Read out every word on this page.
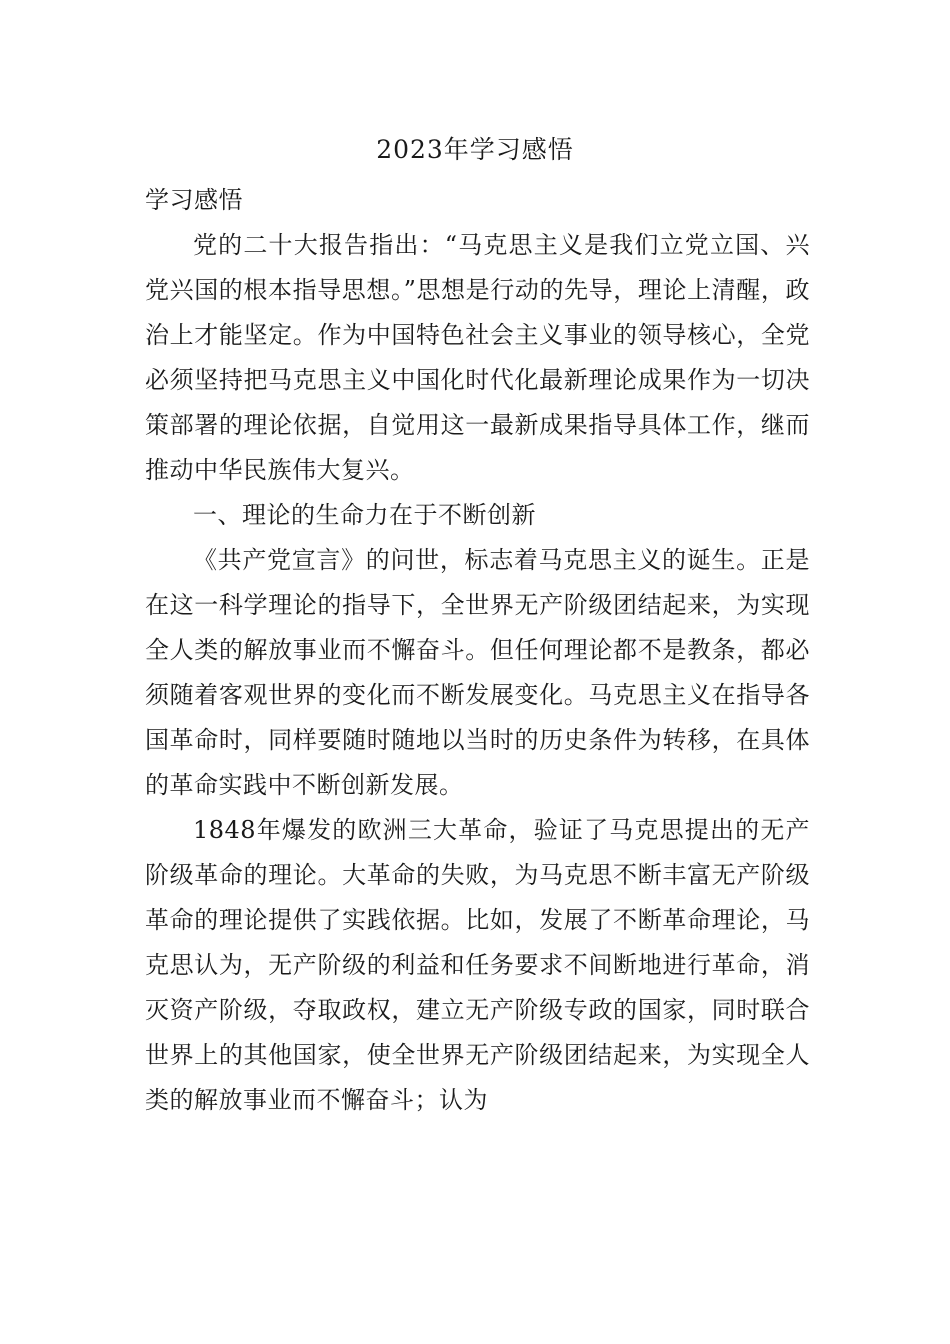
2023年学习感悟

学习感悟

党的二十大报告指出：“马克思主义是我们立党立国、兴党兴国的根本指导思想。”思想是行动的先导，理论上清醒，政治上才能坚定。作为中国特色社会主义事业的领导核心，全党必须坚持把马克思主义中国化时代化最新理论成果作为一切决策部署的理论依据，自觉用这一最新成果指导具体工作，继而推动中华民族伟大复兴。

一、理论的生命力在于不断创新

《共产党宣言》的问世，标志着马克思主义的诞生。正是在这一科学理论的指导下，全世界无产阶级团结起来，为实现全人类的解放事业而不懈奋斗。但任何理论都不是教条，都必须随着客观世界的变化而不断发展变化。马克思主义在指导各国革命时，同样要随时随地以当时的历史条件为转移，在具体的革命实践中不断创新发展。

1848年爆发的欧洲三大革命，验证了马克思提出的无产阶级革命的理论。大革命的失败，为马克思不断丰富无产阶级革命的理论提供了实践依据。比如，发展了不断革命理论，马克思认为，无产阶级的利益和任务要求不间断地进行革命，消灭资产阶级，夺取政权，建立无产阶级专政的国家，同时联合世界上的其他国家，使全世界无产阶级团结起来，为实现全人类的解放事业而不懈奋斗；认为
